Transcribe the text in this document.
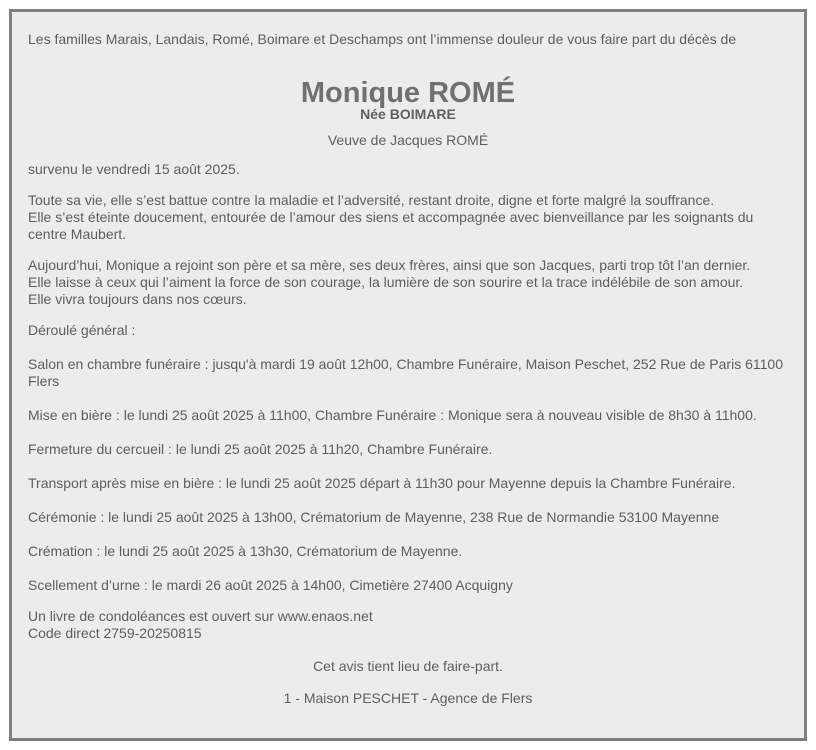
Les familles Marais, Landais, Romé, Boimare et Deschamps ont l’immense douleur de vous faire part du décès de

Monique ROMÉ
Née BOIMARE
Veuve de Jacques ROMÉ

survenu le vendredi 15 août 2025.

Toute sa vie, elle s’est battue contre la maladie et l’adversité, restant droite, digne et forte malgré la souffrance.
Elle s’est éteinte doucement, entourée de l’amour des siens et accompagnée avec bienveillance par les soignants du centre Maubert.

Aujourd’hui, Monique a rejoint son père et sa mère, ses deux frères, ainsi que son Jacques, parti trop tôt l’an dernier.
Elle laisse à ceux qui l’aiment la force de son courage, la lumière de son sourire et la trace indélébile de son amour.
Elle vivra toujours dans nos cœurs.

Déroulé général :

Salon en chambre funéraire : jusqu'à mardi 19 août 12h00, Chambre Funéraire, Maison Peschet, 252 Rue de Paris 61100 Flers

Mise en bière : le lundi 25 août 2025 à 11h00, Chambre Funéraire : Monique sera à nouveau visible de 8h30 à 11h00.

Fermeture du cercueil : le lundi 25 août 2025 à 11h20, Chambre Funéraire.

Transport après mise en bière : le lundi 25 août 2025 départ à 11h30 pour Mayenne depuis la Chambre Funéraire.

Cérémonie : le lundi 25 août 2025 à 13h00, Crématorium de Mayenne, 238 Rue de Normandie 53100 Mayenne

Crémation : le lundi 25 août 2025 à 13h30, Crématorium de Mayenne.

Scellement d’urne : le mardi 26 août 2025 à 14h00, Cimetière 27400 Acquigny

Un livre de condoléances est ouvert sur www.enaos.net
Code direct 2759-20250815

Cet avis tient lieu de faire-part.

1 - Maison PESCHET - Agence de Flers
